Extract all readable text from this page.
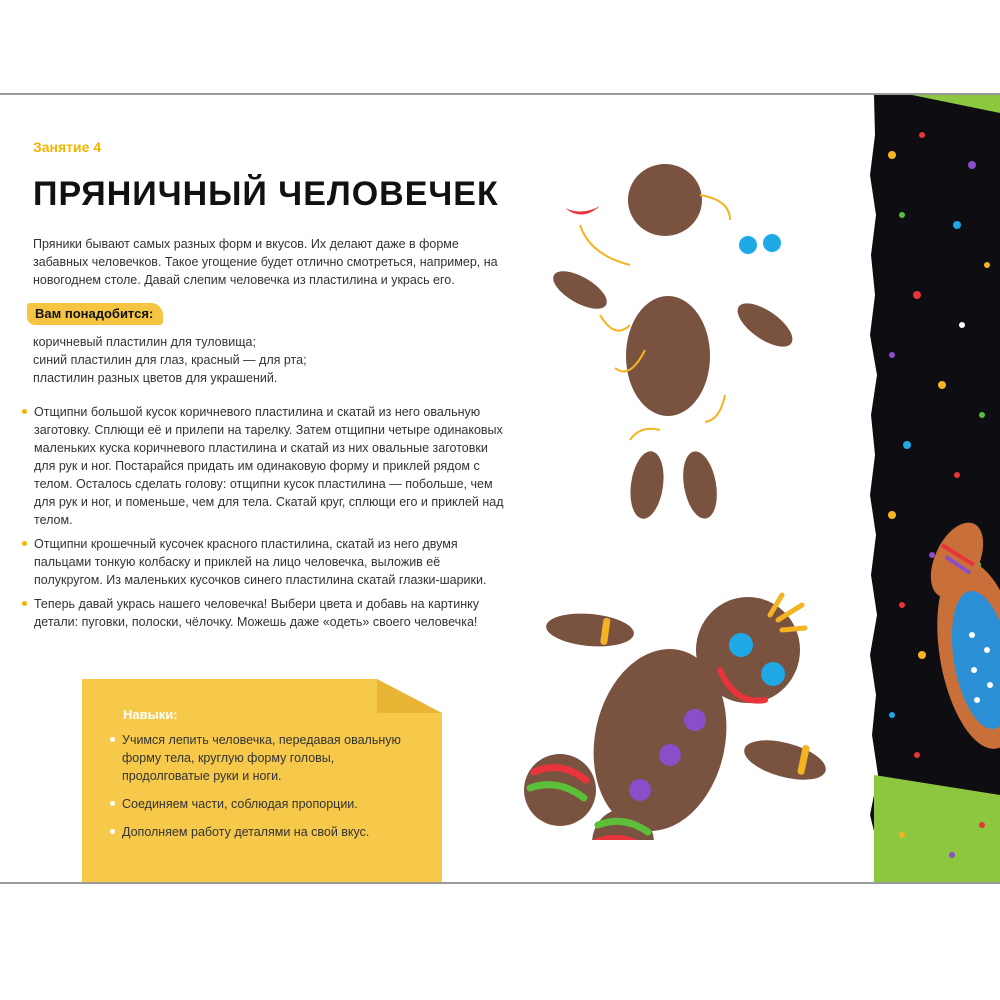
Занятие 4
ПРЯНИЧНЫЙ ЧЕЛОВЕЧЕК
Пряники бывают самых разных форм и вкусов. Их делают даже в форме забавных человечков. Такое угощение будет отлично смотреться, например, на новогоднем столе. Давай слепим человечка из пластилина и укрась его.
Вам понадобится:
коричневый пластилин для туловища;
синий пластилин для глаз, красный — для рта;
пластилин разных цветов для украшений.
Отщипни большой кусок коричневого пластилина и скатай из него овальную заготовку. Сплющи её и прилепи на тарелку. Затем отщипни четыре одинаковых маленьких куска коричневого пластилина и скатай из них овальные заготовки для рук и ног. Постарайся придать им одинаковую форму и приклей рядом с телом. Осталось сделать голову: отщипни кусок пластилина — побольше, чем для рук и ног, и поменьше, чем для тела. Скатай круг, сплющи его и приклей над телом.
Отщипни крошечный кусочек красного пластилина, скатай из него двумя пальцами тонкую колбаску и приклей на лицо человечка, выложив её полукругом. Из маленьких кусочков синего пластилина скатай глазки-шарики.
Теперь давай укрась нашего человечка! Выбери цвета и добавь на картинку детали: пуговки, полоски, чёлочку. Можешь даже «одеть» своего человечка!
Навыки:
Учимся лепить человечка, передавая овальную форму тела, круглую форму головы, продолговатые руки и ноги.
Соединяем части, соблюдая пропорции.
Дополняем работу деталями на свой вкус.
